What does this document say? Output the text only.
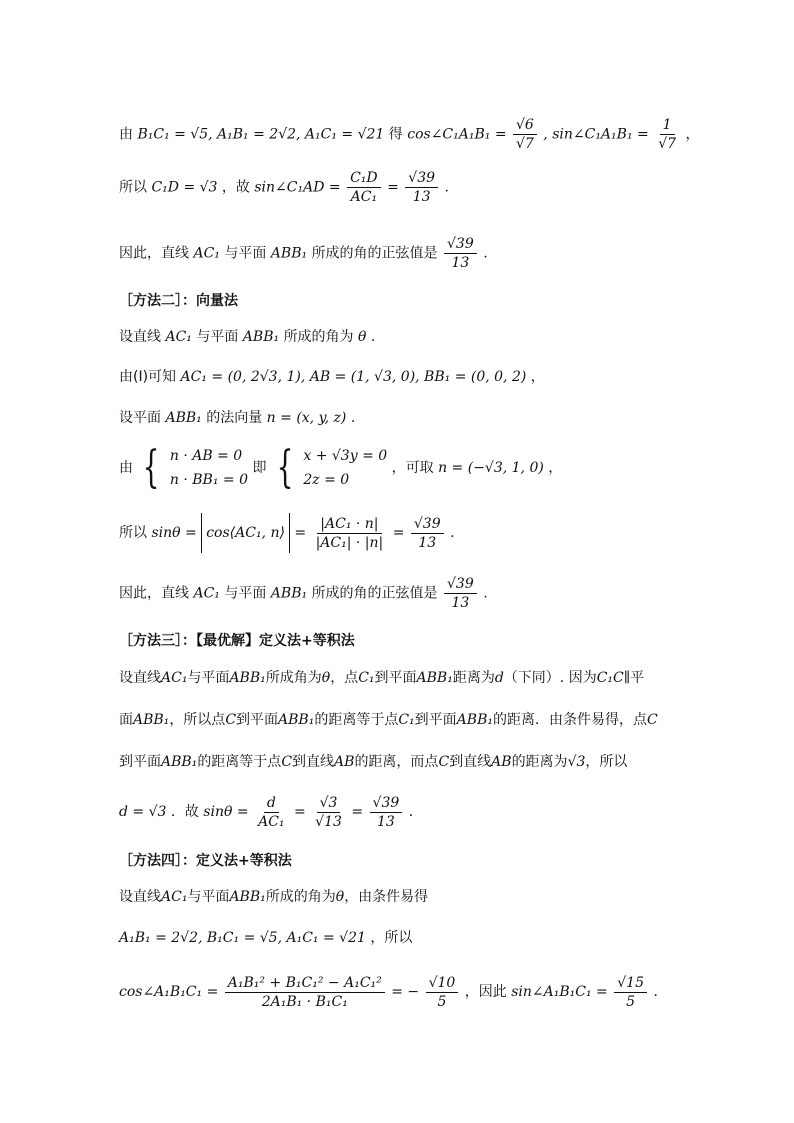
由 B₁C₁ = √5, A₁B₁ = 2√2, A₁C₁ = √21 得 cos∠C₁A₁B₁ = $\frac{√6}{√7}$ , sin∠C₁A₁B₁ = $\frac{1}{√7}$ ，
所以 C₁D = √3 ，故 sin∠C₁AD = $\frac{\text{C₁D}}{\text{AC₁}} = \frac{√39}{13}$ .
因此，直线 AC₁ 与平面 ABB₁ 所成的角的正弦值是 $\frac{√39}{13}$ .
［方法二］：向量法
设直线 AC₁ 与平面 ABB₁ 所成的角为 θ .
由(I)可知 AC₁ = (0, 2√3, 1), AB = (1, √3, 0), BB₁ = (0, 0, 2) ，
设平面 ABB₁ 的法向量 n = (x, y, z) .
由 { n · AB = 0
n · BB₁ = 0
即 { x + √3y = 0
2z = 0
，可取 n = (−√3, 1, 0) ，
所以 sinθ = cos⟨AC₁, n⟩ = $\frac{\text{|AC₁ · n|}}{\text{|AC₁| · |n|}} = \frac{√39}{13}$ .
因此，直线 AC₁ 与平面 ABB₁ 所成的角的正弦值是 $\frac{√39}{13}$ .
［方法三］：【最优解】定义法+等积法
设直线AC₁与平面ABB₁所成角为θ，点C₁到平面ABB₁距离为d（下同）. 因为C₁C∥平
面ABB₁，所以点C到平面ABB₁的距离等于点C₁到平面ABB₁的距离．由条件易得，点C
到平面ABB₁的距离等于点C到直线AB的距离，而点C到直线AB的距离为√3，所以
d = √3 ．故 $\sin\theta = \frac{d}{\text{AC₁}} = \frac{√3}{√13} = \frac{√39}{13}$ ．
［方法四］：定义法+等积法
设直线AC₁与平面ABB₁所成的角为θ，由条件易得
A₁B₁ = 2√2, B₁C₁ = √5, A₁C₁ = √21 ，所以
cos∠A₁B₁C₁ = $\frac{\text{A₁B₁² + B₁C₁² − A₁C₁²}}{\text{2A₁B₁ · B₁C₁}}$ = − $\frac{√10}{5}$ ，因此 sin∠A₁B₁C₁ = $\frac{√15}{5}$ ．
